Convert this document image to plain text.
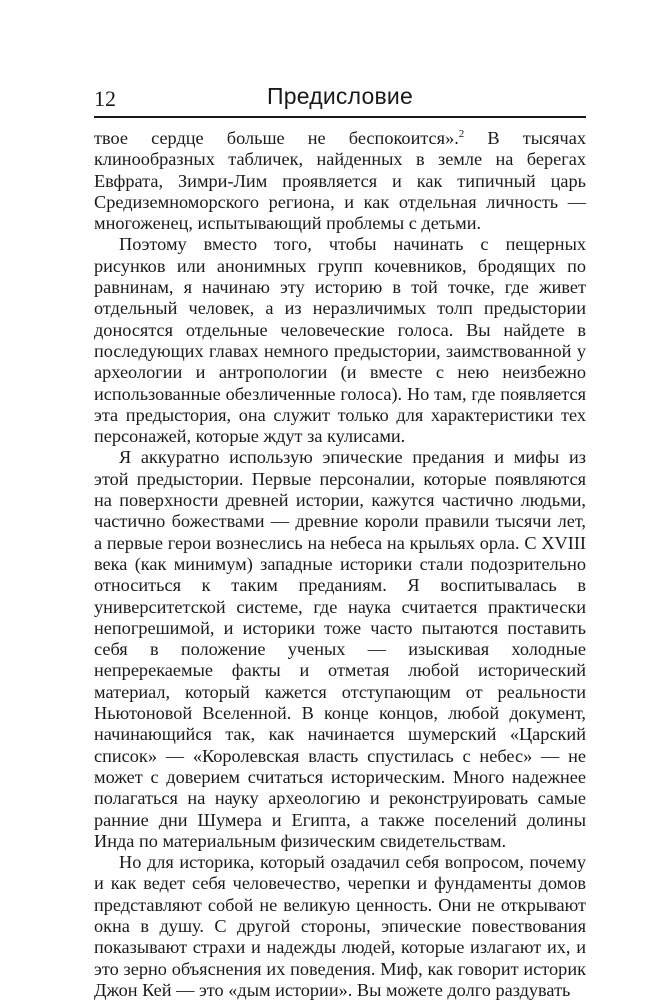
12	Предисловие

твое сердце больше не беспокоится».$^2$ В тысячах клинообразных табличек, найденных в земле на берегах Евфрата, Зимри-Лим проявляется и как типичный царь Средиземноморского региона, и как отдельная личность — многоженец, испытывающий проблемы с детьми.

Поэтому вместо того, чтобы начинать с пещерных рисунков или анонимных групп кочевников, бродящих по равнинам, я начинаю эту историю в той точке, где живет отдельный человек, а из неразличимых толп предыстории доносятся отдельные человеческие голоса. Вы найдете в последующих главах немного предыстории, заимствованной у археологии и антропологии (и вместе с нею неизбежно использованные обезличенные голоса). Но там, где появляется эта предыстория, она служит только для характеристики тех персонажей, которые ждут за кулисами.

Я аккуратно использую эпические предания и мифы из этой предыстории. Первые персоналии, которые появляются на поверхности древней истории, кажутся частично людьми, частично божествами — древние короли правили тысячи лет, а первые герои вознеслись на небеса на крыльях орла. С XVIII века (как минимум) западные историки стали подозрительно относиться к таким преданиям. Я воспитывалась в университетской системе, где наука считается практически непогрешимой, и историки тоже часто пытаются поставить себя в положение ученых — изыскивая холодные непререкаемые факты и отметая любой исторический материал, который кажется отступающим от реальности Ньютоновой Вселенной. В конце концов, любой документ, начинающийся так, как начинается шумерский «Царский список» — «Королевская власть спустилась с небес» — не может с доверием считаться историческим. Много надежнее полагаться на науку археологию и реконструировать самые ранние дни Шумера и Египта, а также поселений долины Инда по материальным физическим свидетельствам.

Но для историка, который озадачил себя вопросом, почему и как ведет себя человечество, черепки и фундаменты домов представляют собой не великую ценность. Они не открывают окна в душу. С другой стороны, эпические повествования показывают страхи и надежды людей, которые излагают их, и это зерно объяснения их поведения. Миф, как говорит историк Джон Кей — это «дым истории». Вы можете долго раздувать
